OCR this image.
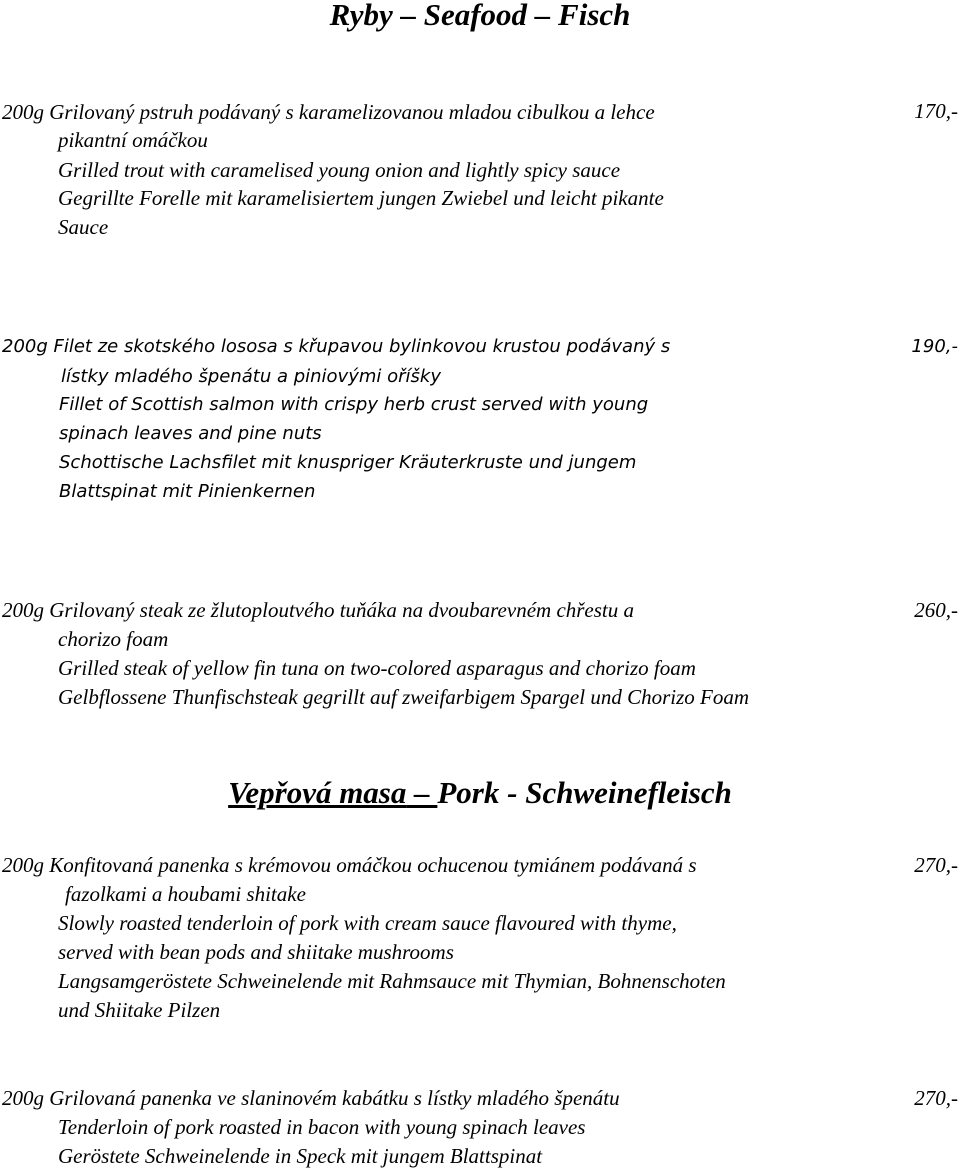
Ryby – Seafood – Fisch
200g Grilovaný pstruh podávaný s karamelizovanou mladou cibulkou a lehce
pikantní omáčkou
Grilled trout with caramelised young onion and lightly spicy sauce
Gegrillte Forelle mit karamelisiertem jungen Zwiebel und leicht pikante
Sauce
170,-
200g Filet ze skotského lososa s křupavou bylinkovou krustou podávaný s
lístky mladého špenátu a piniovými oříšky
Fillet of Scottish salmon with crispy herb crust served with young
spinach leaves and pine nuts
Schottische Lachsfilet mit knuspriger Kräuterkruste und jungem
Blattspinat mit Pinienkernen
190,-
200g Grilovaný steak ze žlutoploutvého tuňáka na dvoubarevném chřestu a
chorizo foam
Grilled steak of yellow fin tuna on two-colored asparagus and chorizo foam
Gelbflossene Thunfischsteak gegrillt auf zweifarbigem Spargel und Chorizo Foam
260,-
Vepřová masa – Pork - Schweinefleisch
200g Konfitovaná panenka s krémovou omáčkou ochucenou tymiánem podávaná s
fazolkami a houbami shitake
Slowly roasted tenderloin of pork with cream sauce flavoured with thyme,
served with bean pods and shiitake mushrooms
Langsamgeröstete Schweinelende mit Rahmsauce mit Thymian, Bohnenschoten
und Shiitake Pilzen
270,-
200g Grilovaná panenka ve slaninovém kabátku s lístky mladého špenátu
Tenderloin of pork roasted in bacon with young spinach leaves
Geröstete Schweinelende in Speck mit jungem Blattspinat
270,-
